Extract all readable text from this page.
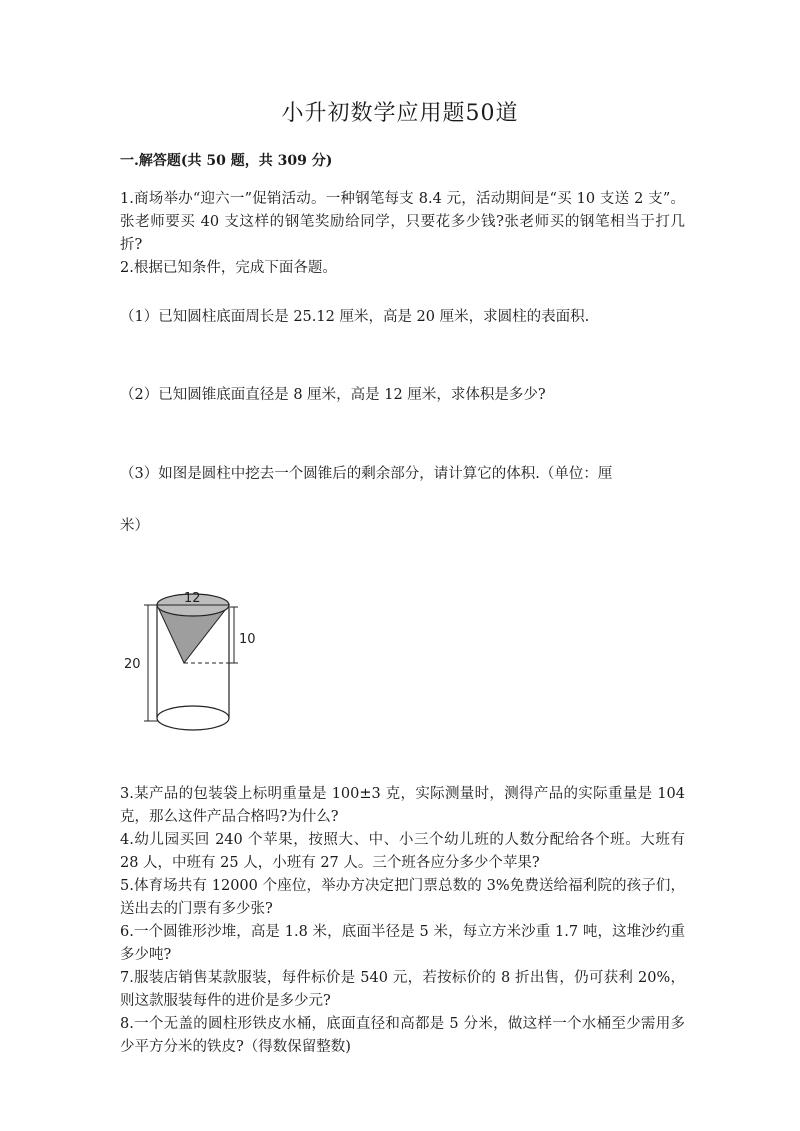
小升初数学应用题50道
一.解答题(共 50 题，共 309 分)

1.商场举办“迎六一”促销活动。一种钢笔每支 8.4 元，活动期间是“买 10 支送 2 支”。张老师要买 40 支这样的钢笔奖励给同学，只要花多少钱?张老师买的钢笔相当于打几折?

2.根据已知条件，完成下面各题。
（1）已知圆柱底面周长是 25.12 厘米，高是 20 厘米，求圆柱的表面积.
（2）已知圆锥底面直径是 8 厘米，高是 12 厘米，求体积是多少?
（3）如图是圆柱中挖去一个圆锥后的剩余部分，请计算它的体积.（单位：厘
米）
20
12
10

3.某产品的包装袋上标明重量是 100±3 克，实际测量时，测得产品的实际重量是 104 克，那么这件产品合格吗?为什么?

4.幼儿园买回 240 个苹果，按照大、中、小三个幼儿班的人数分配给各个班。大班有 28 人，中班有 25 人，小班有 27 人。三个班各应分多少个苹果?

5.体育场共有 12000 个座位，举办方决定把门票总数的 3%免费送给福利院的孩子们，送出去的门票有多少张?

6.一个圆锥形沙堆，高是 1.8 米，底面半径是 5 米，每立方米沙重 1.7 吨，这堆沙约重多少吨?

7.服装店销售某款服装，每件标价是 540 元，若按标价的 8 折出售，仍可获利 20%，则这款服装每件的进价是多少元?

8.一个无盖的圆柱形铁皮水桶，底面直径和高都是 5 分米，做这样一个水桶至少需用多少平方分米的铁皮?（得数保留整数)
